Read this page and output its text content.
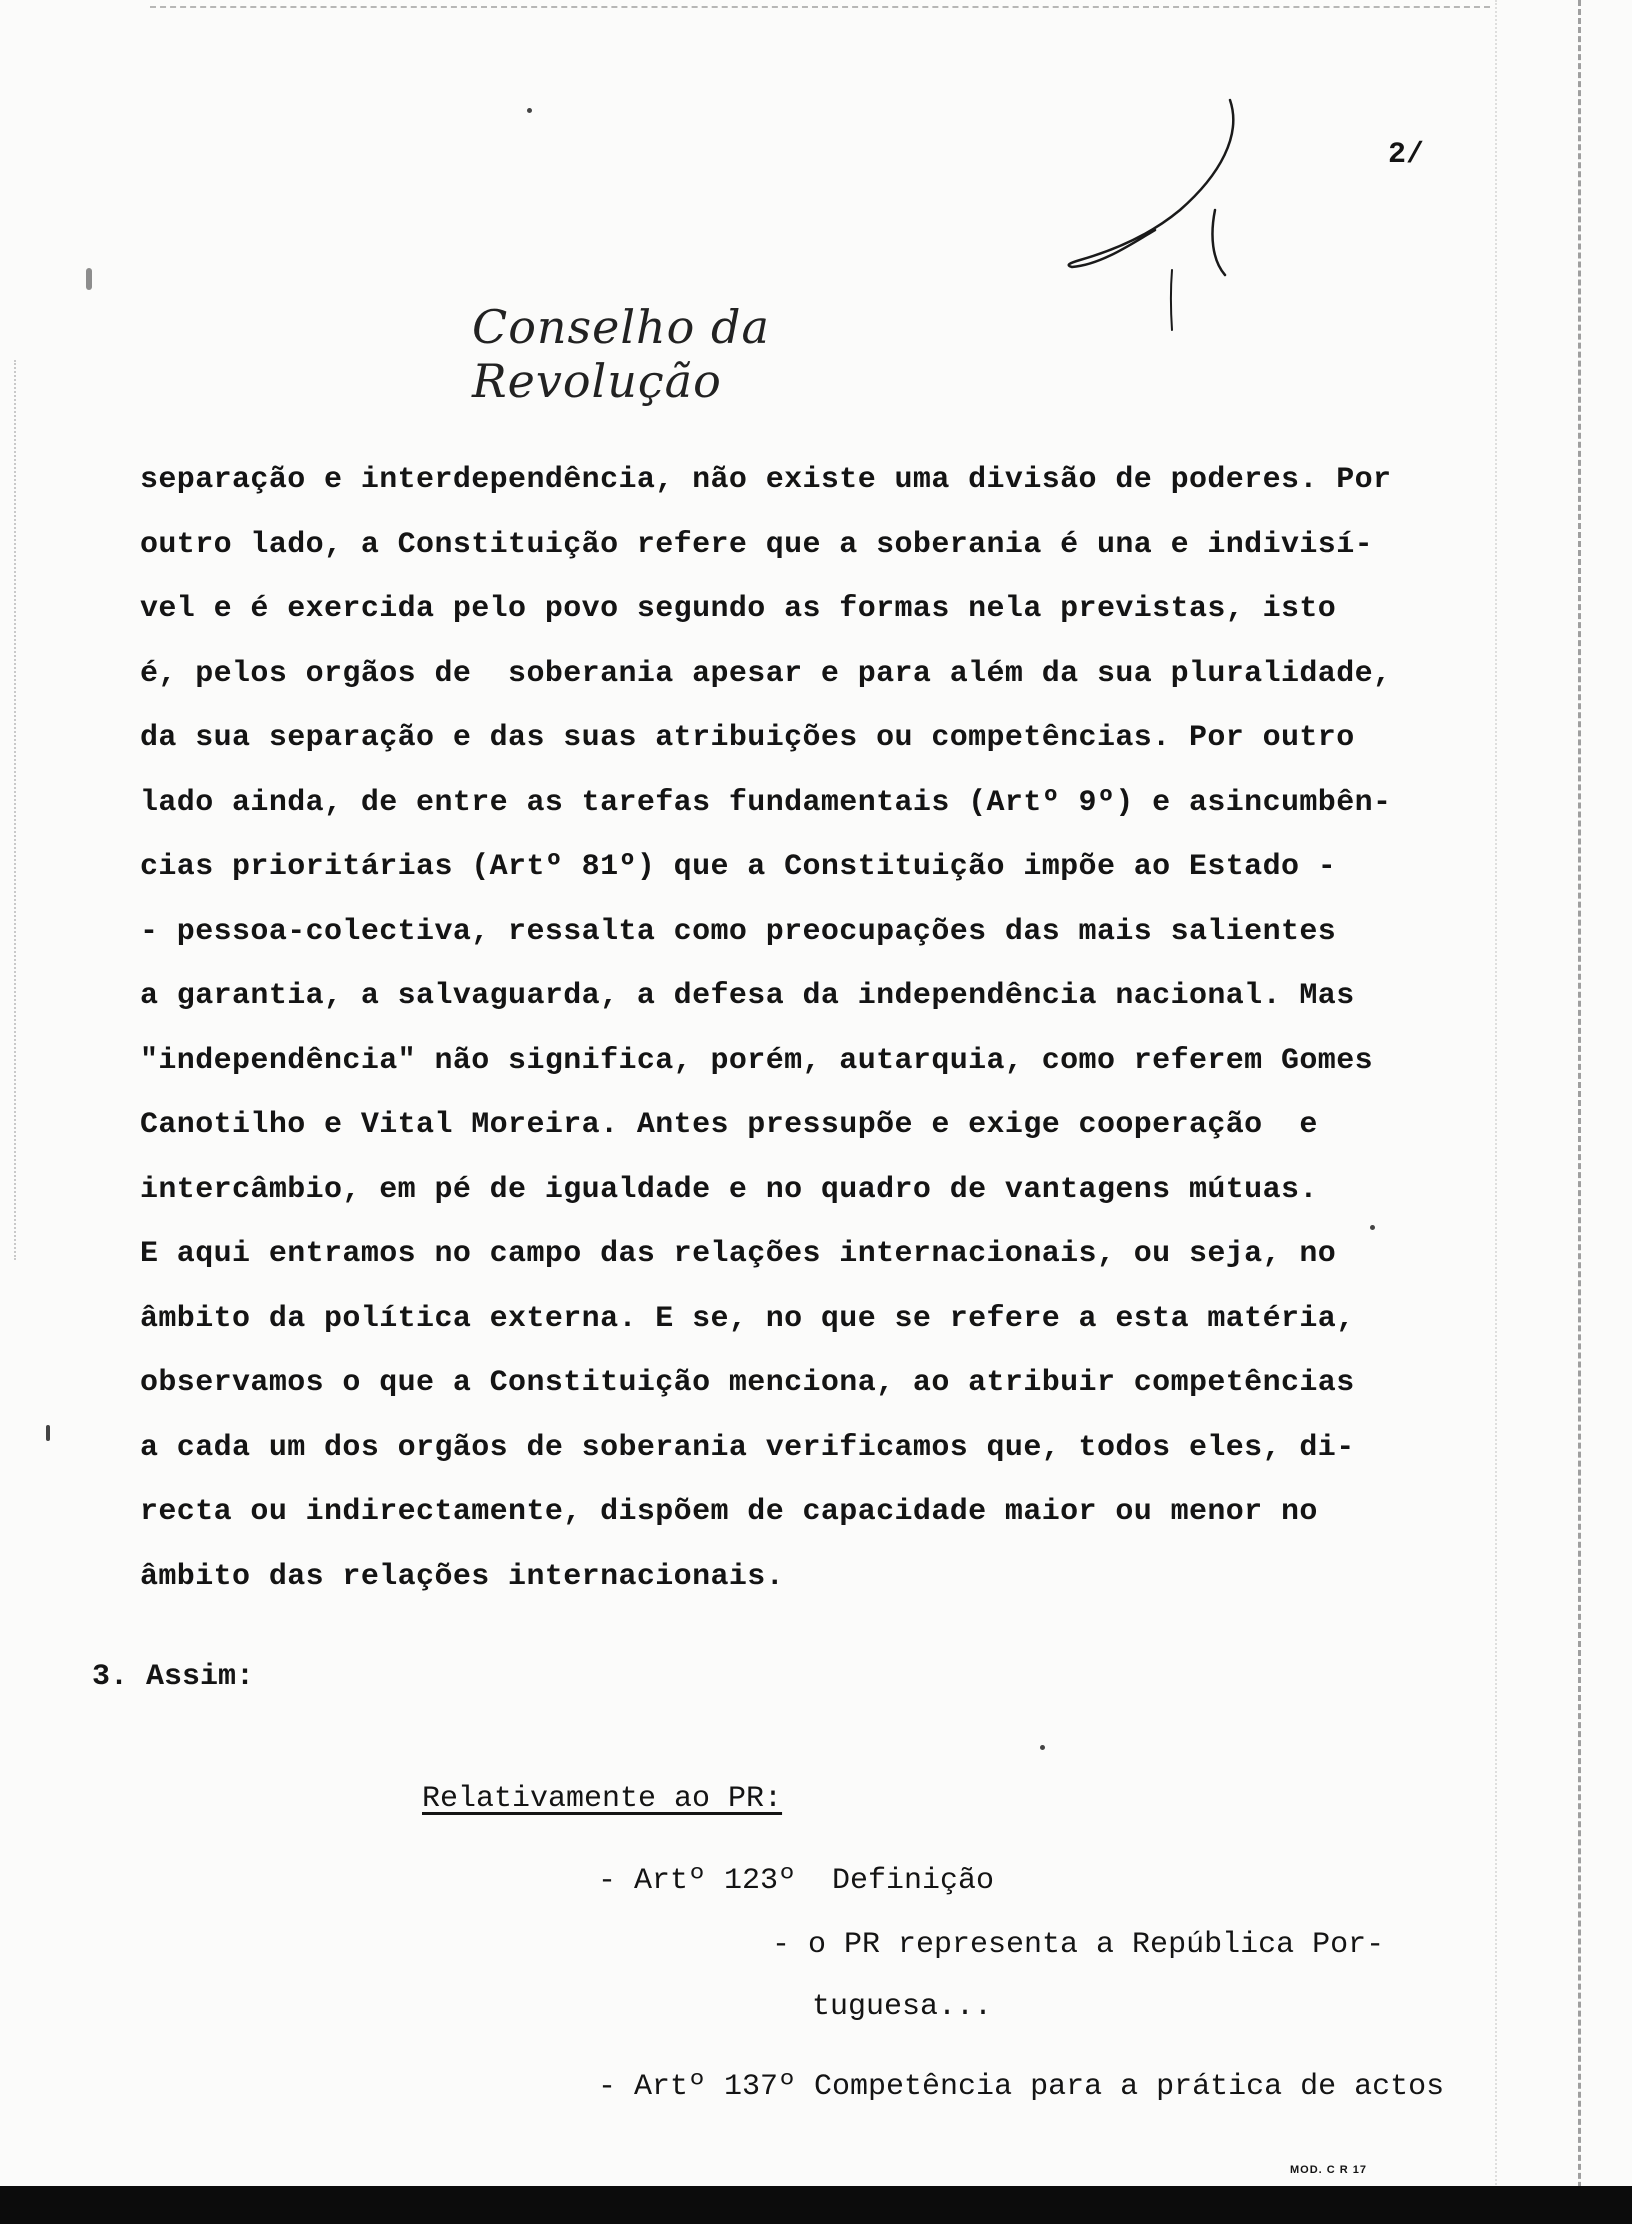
2/
Conselho da Revolução
separação e interdependência, não existe uma divisão de poderes. Por
outro lado, a Constituição refere que a soberania é una e indivisí-
vel e é exercida pelo povo segundo as formas nela previstas, isto
é, pelos orgãos de  soberania apesar e para além da sua pluralidade,
da sua separação e das suas atribuições ou competências. Por outro
lado ainda, de entre as tarefas fundamentais (Artº 9º) e asincumbên-
cias prioritárias (Artº 81º) que a Constituição impõe ao Estado -
- pessoa-colectiva, ressalta como preocupações das mais salientes
a garantia, a salvaguarda, a defesa da independência nacional. Mas
"independência" não significa, porém, autarquia, como referem Gomes
Canotilho e Vital Moreira. Antes pressupõe e exige cooperação  e
intercâmbio, em pé de igualdade e no quadro de vantagens mútuas.
E aqui entramos no campo das relações internacionais, ou seja, no
âmbito da política externa. E se, no que se refere a esta matéria,
observamos o que a Constituição menciona, ao atribuir competências
a cada um dos orgãos de soberania verificamos que, todos eles, di-
recta ou indirectamente, dispõem de capacidade maior ou menor no
âmbito das relações internacionais.
3. Assim:
Relativamente ao PR:
- Artº 123º  Definição
- o PR representa a República Por-
tuguesa...
- Artº 137º Competência para a prática de actos
MOD. C R 17
